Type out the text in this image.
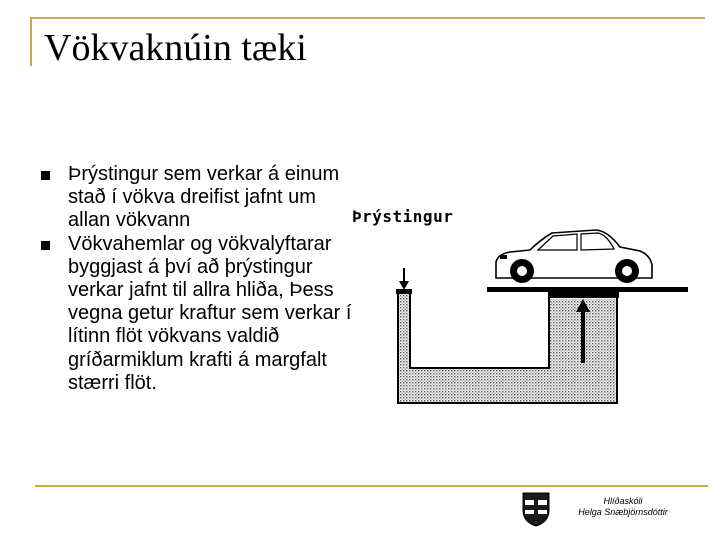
Vökvaknúin tæki
Þrýstingur sem verkar á einum stað í vökva dreifist jafnt um allan vökvann
Vökvahemlar og vökvalyftarar byggjast á því að þrýstingur verkar jafnt til allra hliða, Þess vegna getur kraftur sem verkar í lítinn flöt vökvans valdið gríðarmiklum krafti á margfalt stærri flöt.
Þrýstingur
Hlíðaskóli
Helga Snæbjörnsdóttir
